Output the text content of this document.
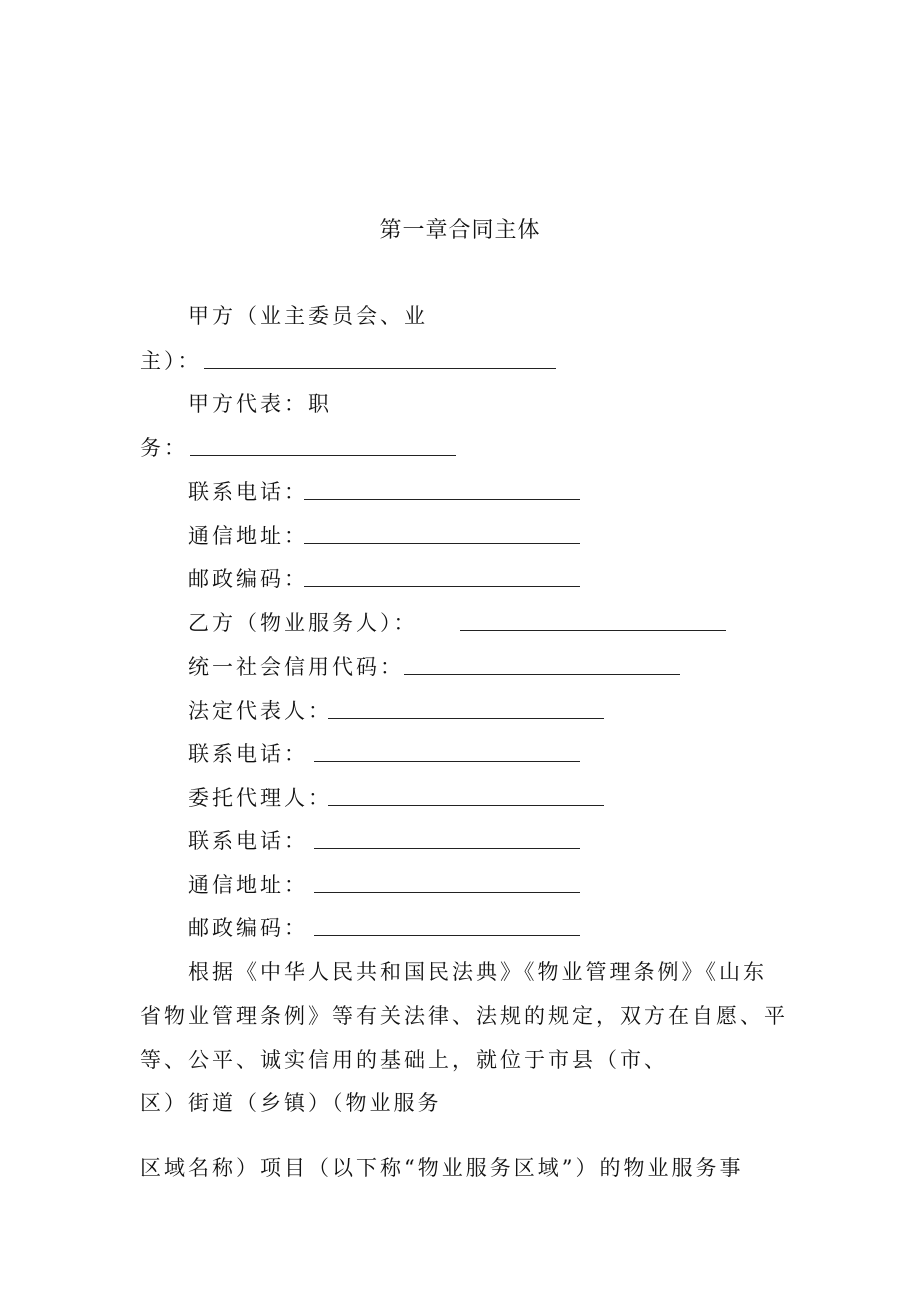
第一章合同主体
甲方（业主委员会、业
主）：
甲方代表：职
务：
联系电话：
通信地址：
邮政编码：
乙方（物业服务人）：
统一社会信用代码：
法定代表人：
联系电话：
委托代理人：
联系电话：
通信地址：
邮政编码：
根据《中华人民共和国民法典》《物业管理条例》《山东
省物业管理条例》等有关法律、法规的规定，双方在自愿、平
等、公平、诚实信用的基础上，就位于市县（市、
区）街道（乡镇）（物业服务
区域名称）项目（以下称“物业服务区域”）的物业服务事
